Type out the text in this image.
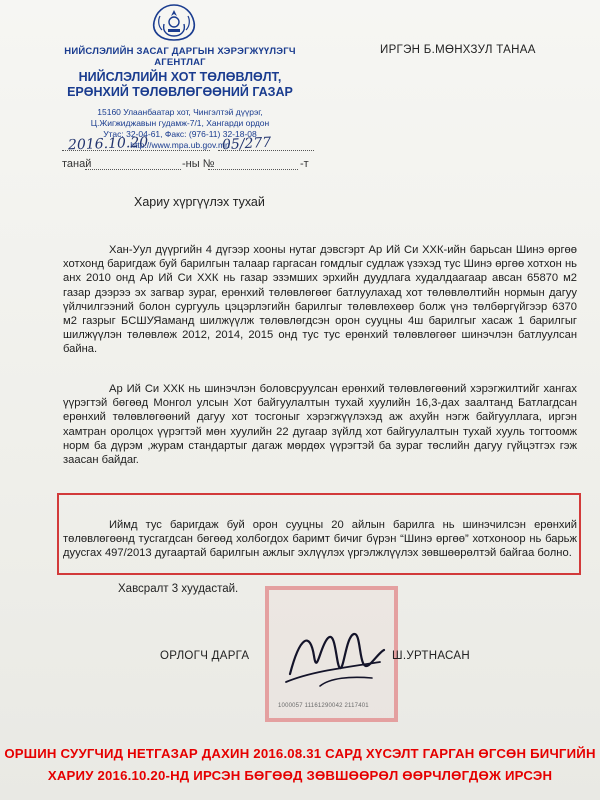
НИЙСЛЭЛИЙН ЗАСАГ ДАРГЫН ХЭРЭГЖҮҮЛЭГЧ АГЕНТЛАГ
НИЙСЛЭЛИЙН ХОТ ТӨЛӨВЛӨЛТ,
ЕРӨНХИЙ ТӨЛӨВЛӨГӨӨНИЙ ГАЗАР
15160 Улаанбаатар хот, Чингэлтэй дүүрэг,
Ц.Жигжиджавын гудамж-7/1, Хангарди ордон
Утас: 32-04-61, Факс: (976-11) 32-18-08
http://www.mpa.ub.gov.mn
ИРГЭН Б.МӨНХЗУЛ ТАНАА
2016.10.20	05/277
танай	-ны №	-т
Хариу хүргүүлэх тухай
Хан-Уул дүүргийн 4 дүгээр хооны нутаг дэвсгэрт Ар Ий Си ХХК-ийн барьсан Шинэ өргөө хотхонд баригдаж буй барилгын талаар гаргасан гомдлыг судлаж үзэхэд тус Шинэ өргөө хотхон нь анх 2010 онд Ар Ий Си ХХК нь газар эзэмших эрхийн дуудлага худалдаагаар авсан 65870 м2 газар дээрээ эх загвар зураг, ерөнхий төлөвлөгөөг батлуулахад хот төлөвлөлтийн нормын дагуу үйлчилгээний болон сургууль цэцэрлэгийн барилгыг төлөвлөхөөр болж үнэ төлбөргүйгээр 6370 м2 газрыг БСШУЯаманд шилжүүлж төлөвлөгдсэн орон сууцны 4ш барилгыг хасаж 1 барилгыг шилжүүлэн төлөвлөж 2012, 2014, 2015 онд тус тус ерөнхий төлөвлөгөөг шинэчлэн батлуулсан байна.
Ар Ий Си ХХК нь шинэчлэн боловсруулсан ерөнхий төлөвлөгөөний хэрэгжилтийг хангах үүрэгтэй бөгөөд Монгол улсын Хот байгуулалтын тухай хуулийн 16,3-дах заалтанд Батлагдсан ерөнхий төлөвлөгөөний дагуу хот тосгоныг хэрэгжүүлэхэд аж ахуйн нэгж байгууллага, иргэн хамтран оролцох үүрэгтэй мөн хуулийн 22 дугаар зүйлд хот байгуулалтын тухай хууль тогтоомж норм ба дүрэм ,журам стандартыг дагаж мөрдөх үүрэгтэй ба зураг төслийн дагуу гүйцэтгэх гэж заасан байдаг.
Иймд тус баригдаж буй орон сууцны 20 айлын барилга нь шинэчилсэн ерөнхий төлөвлөгөөнд тусгагдсан бөгөөд холбогдох баримт бичиг бүрэн “Шинэ өргөө” хотхоноор нь барьж дуусгах 497/2013 дугаартай барилгын ажлыг эхлүүлэх үргэлжлүүлэх зөвшөөрөлтэй байгаа болно.
Хавсралт 3 хуудастай.
1000057 11161290042 2117401
ОРЛОГЧ ДАРГА	Ш.УРТНАСАН
ОРШИН СУУГЧИД НЕТГАЗАР ДАХИН 2016.08.31 САРД ХҮСЭЛТ ГАРГАН ӨГСӨН БИЧГИЙН
ХАРИУ 2016.10.20-НД ИРСЭН БӨГӨӨД ЗӨВШӨӨРӨЛ ӨӨРЧЛӨГДӨЖ ИРСЭН
